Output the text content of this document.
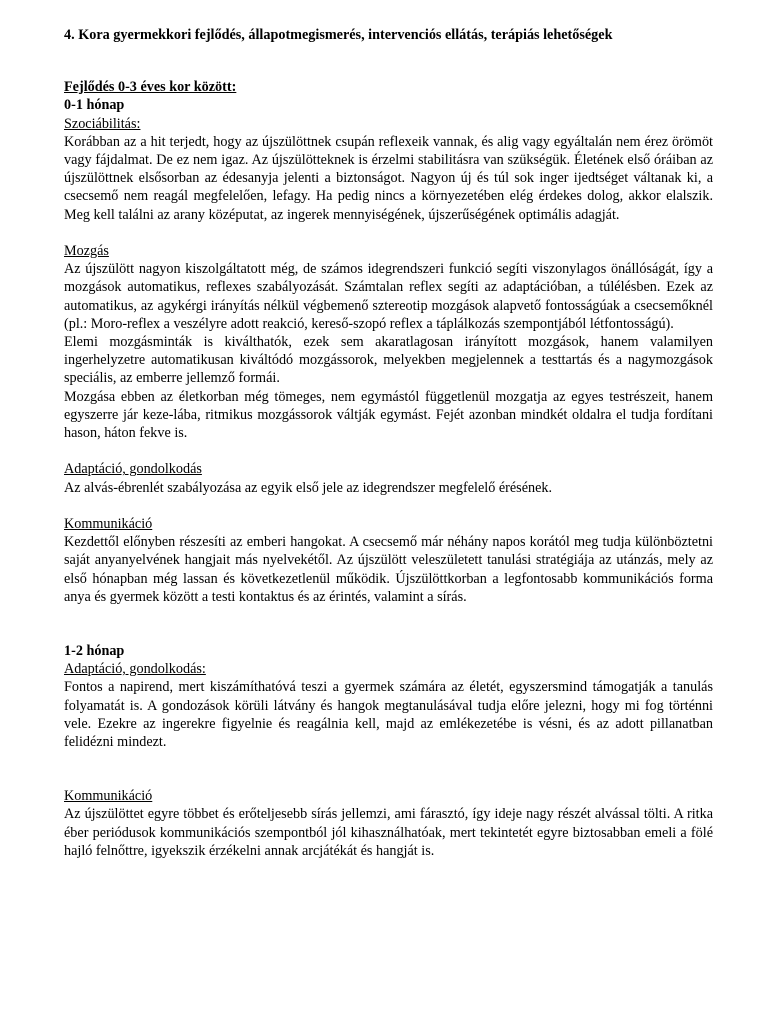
4. Kora gyermekkori fejlődés, állapotmegismerés, intervenciós ellátás, terápiás lehetőségek
Fejlődés 0-3 éves kor között:
0-1 hónap
Szociábilitás:

Korábban az a hit terjedt, hogy az újszülöttnek csupán reflexeik vannak, és alig vagy egyáltalán nem érez örömöt vagy fájdalmat. De ez nem igaz. Az újszülötteknek is érzelmi stabilitásra van szükségük. Életének első óráiban az újszülöttnek elsősorban az édesanyja jelenti a biztonságot. Nagyon új és túl sok inger ijedtséget váltanak ki, a csecsemő nem reagál megfelelően, lefagy. Ha pedig nincs a környezetében elég érdekes dolog, akkor elalszik. Meg kell találni az arany középutat, az ingerek mennyiségének, újszerűségének optimális adagját.

Mozgás

Az újszülött nagyon kiszolgáltatott még, de számos idegrendszeri funkció segíti viszonylagos önállóságát, így a mozgások automatikus, reflexes szabályozását. Számtalan reflex segíti az adaptációban, a túlélésben. Ezek az automatikus, az agykérgi irányítás nélkül végbemenő sztereotip mozgások alapvető fontosságúak a csecsemőknél (pl.: Moro-reflex a veszélyre adott reakció, kereső-szopó reflex a táplálkozás szempontjából létfontosságú).

Elemi mozgásminták is kiválthatók, ezek sem akaratlagosan irányított mozgások, hanem valamilyen ingerhelyzetre automatikusan kiváltódó mozgássorok, melyekben megjelennek a testtartás és a nagymozgások speciális, az emberre jellemző formái.

Mozgása ebben az életkorban még tömeges, nem egymástól függetlenül mozgatja az egyes testrészeit, hanem egyszerre jár keze-lába, ritmikus mozgássorok váltják egymást. Fejét azonban mindkét oldalra el tudja fordítani hason, háton fekve is.

Adaptáció, gondolkodás

Az alvás-ébrenlét szabályozása az egyik első jele az idegrendszer megfelelő érésének.

Kommunikáció

Kezdettől előnyben részesíti az emberi hangokat. A csecsemő már néhány napos korától meg tudja különböztetni saját anyanyelvének hangjait más nyelvekétől. Az újszülött veleszületett tanulási stratégiája az utánzás, mely az első hónapban még lassan és következetlenül működik. Újszülöttkorban a legfontosabb kommunikációs forma anya és gyermek között a testi kontaktus és az érintés, valamint a sírás.

1-2 hónap
Adaptáció, gondolkodás:

Fontos a napirend, mert kiszámíthatóvá teszi a gyermek számára az életét, egyszersmind támogatják a tanulás folyamatát is. A gondozások körüli látvány és hangok megtanulásával tudja előre jelezni, hogy mi fog történni vele. Ezekre az ingerekre figyelnie és reagálnia kell, majd az emlékezetébe is vésni, és az adott pillanatban felidézni mindezt.

Kommunikáció

Az újszülöttet egyre többet és erőteljesebb sírás jellemzi, ami fárasztó, így ideje nagy részét alvással tölti. A ritka éber periódusok kommunikációs szempontból jól kihasználhatóak, mert tekintetét egyre biztosabban emeli a fölé hajló felnőttre, igyekszik érzékelni annak arcjátékát és hangját is.
